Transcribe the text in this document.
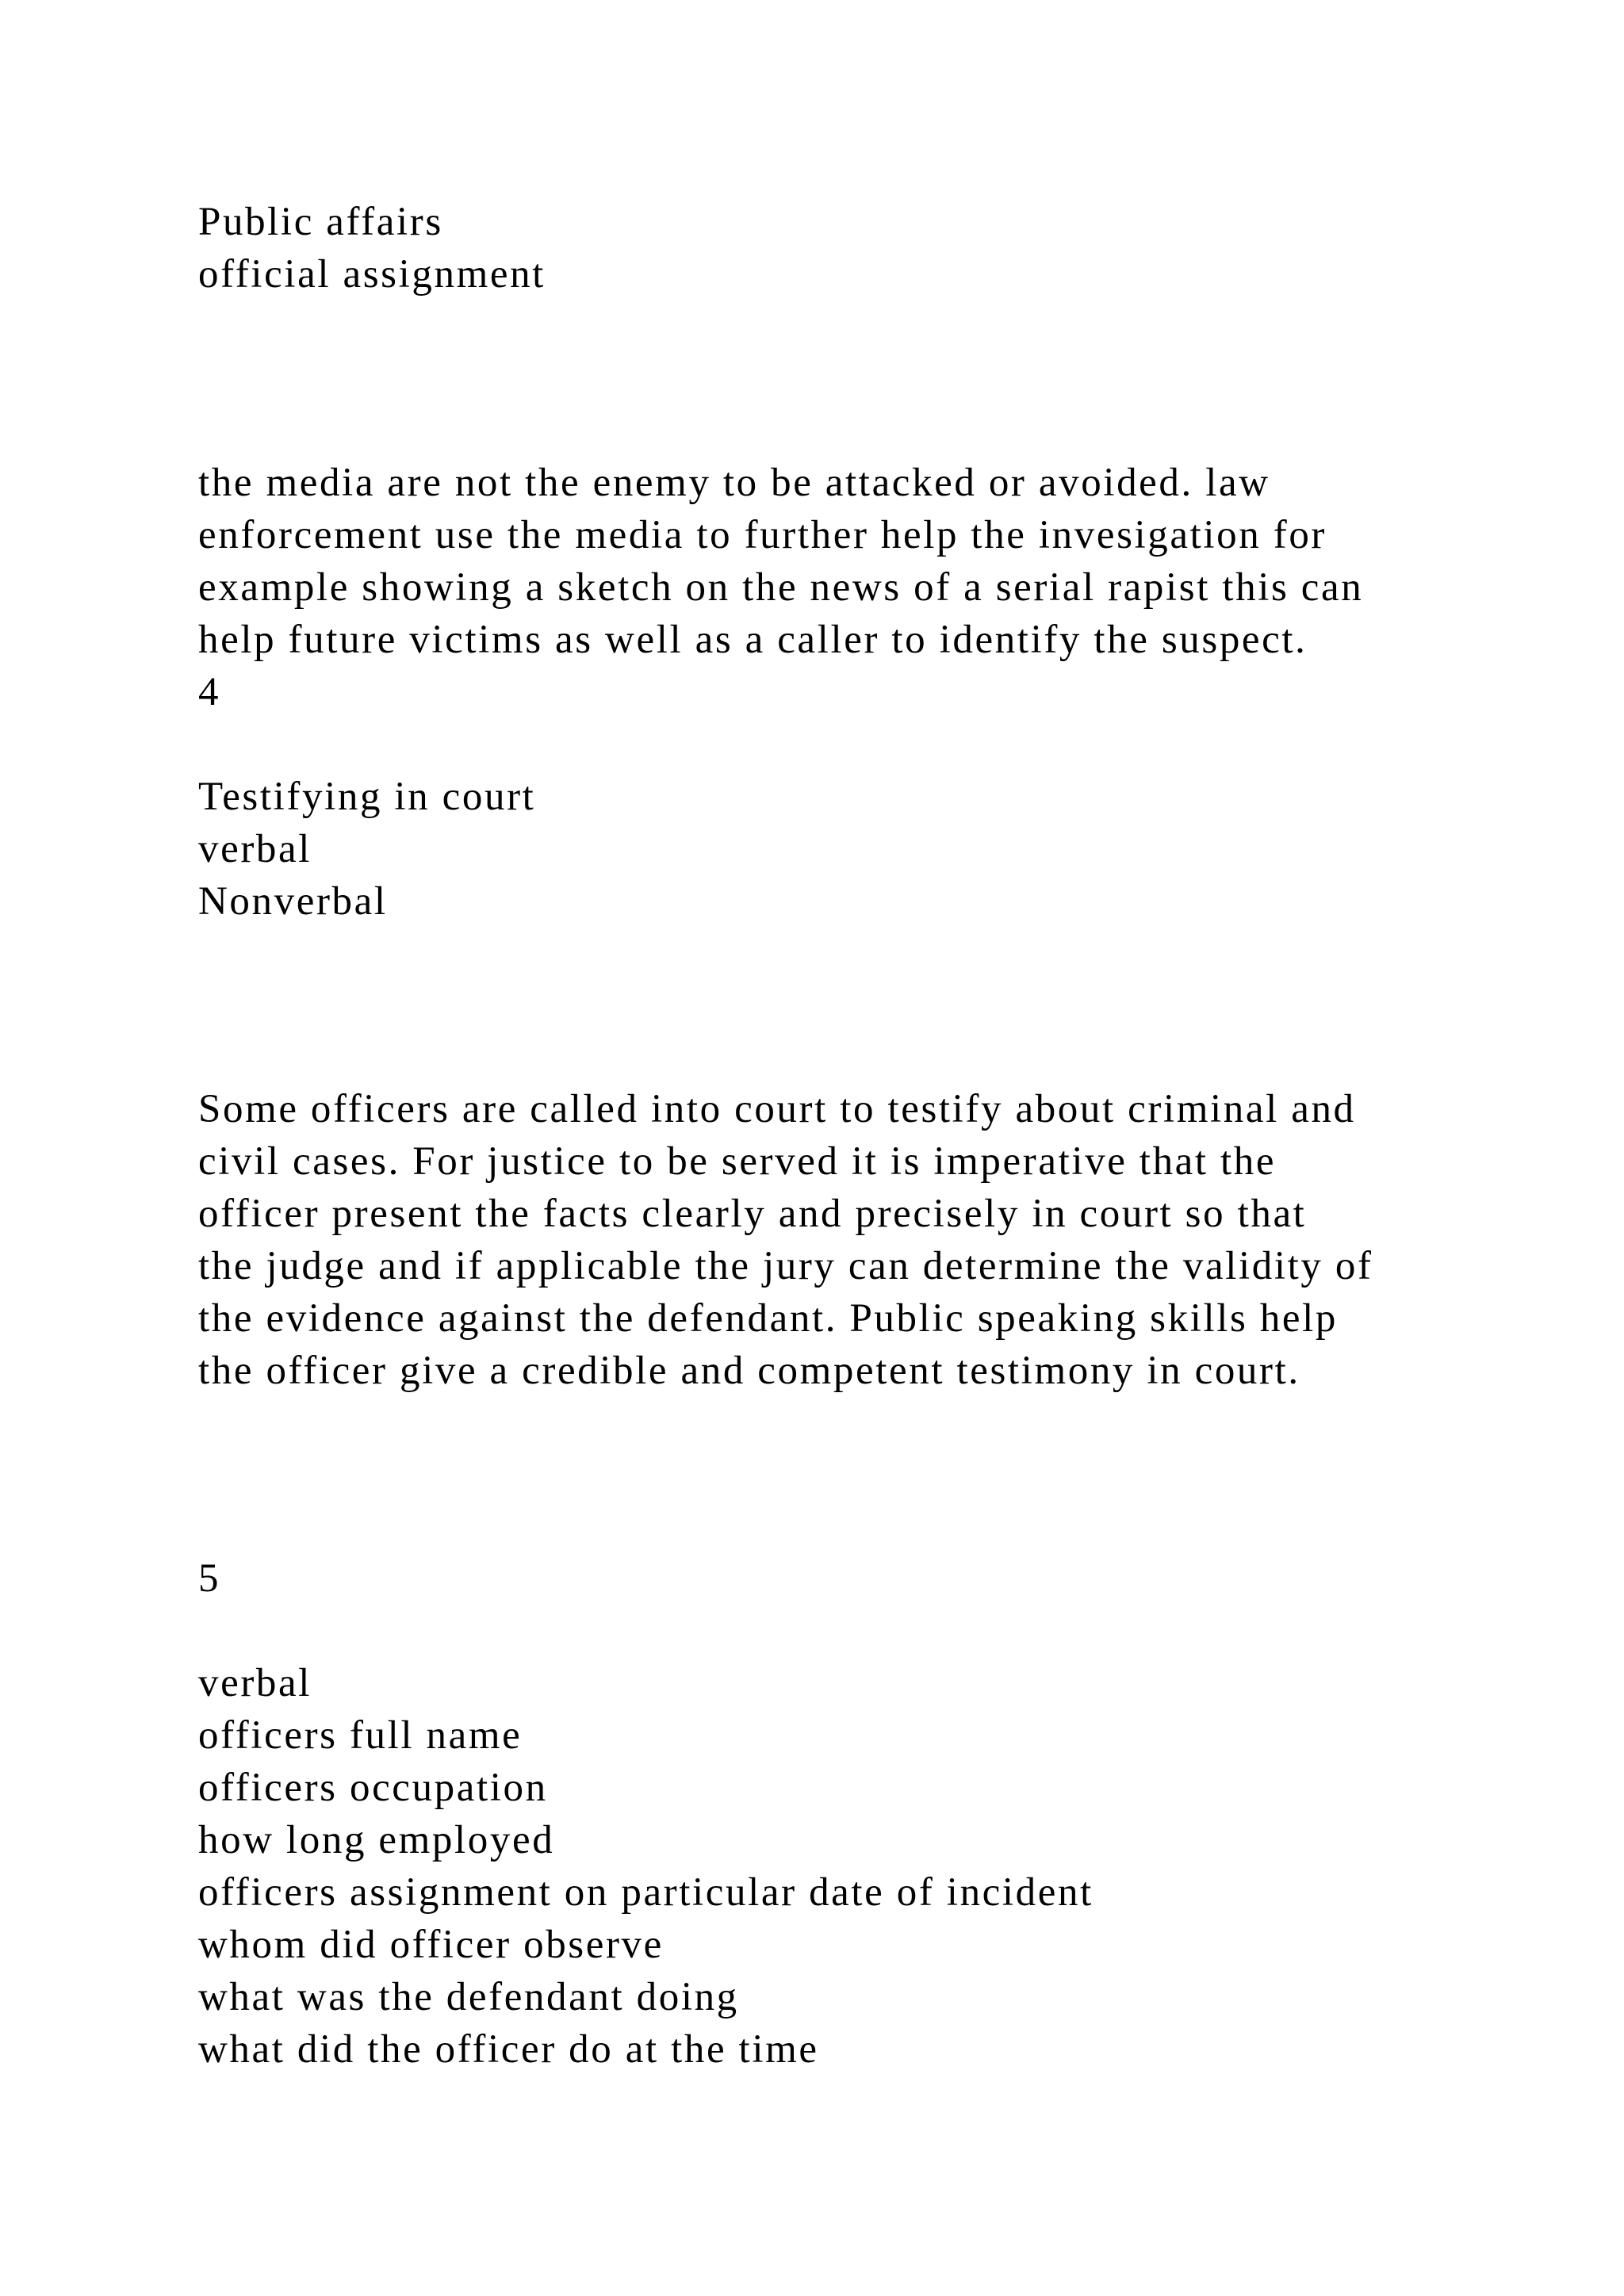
Public affairs
official assignment
the media are not the enemy to be attacked or avoided. law
enforcement use the media to further help the invesigation for
example showing a sketch on the news of a serial rapist this can
help future victims as well as a caller to identify the suspect.
4
Testifying in court
verbal
Nonverbal
Some officers are called into court to testify about criminal and
civil cases. For justice to be served it is imperative that the
officer present the facts clearly and precisely in court so that
the judge and if applicable the jury can determine the validity of
the evidence against the defendant. Public speaking skills help
the officer give a credible and competent testimony in court.
5
verbal
officers full name
officers occupation
how long employed
officers assignment on particular date of incident
whom did officer observe
what was the defendant doing
what did the officer do at the time
